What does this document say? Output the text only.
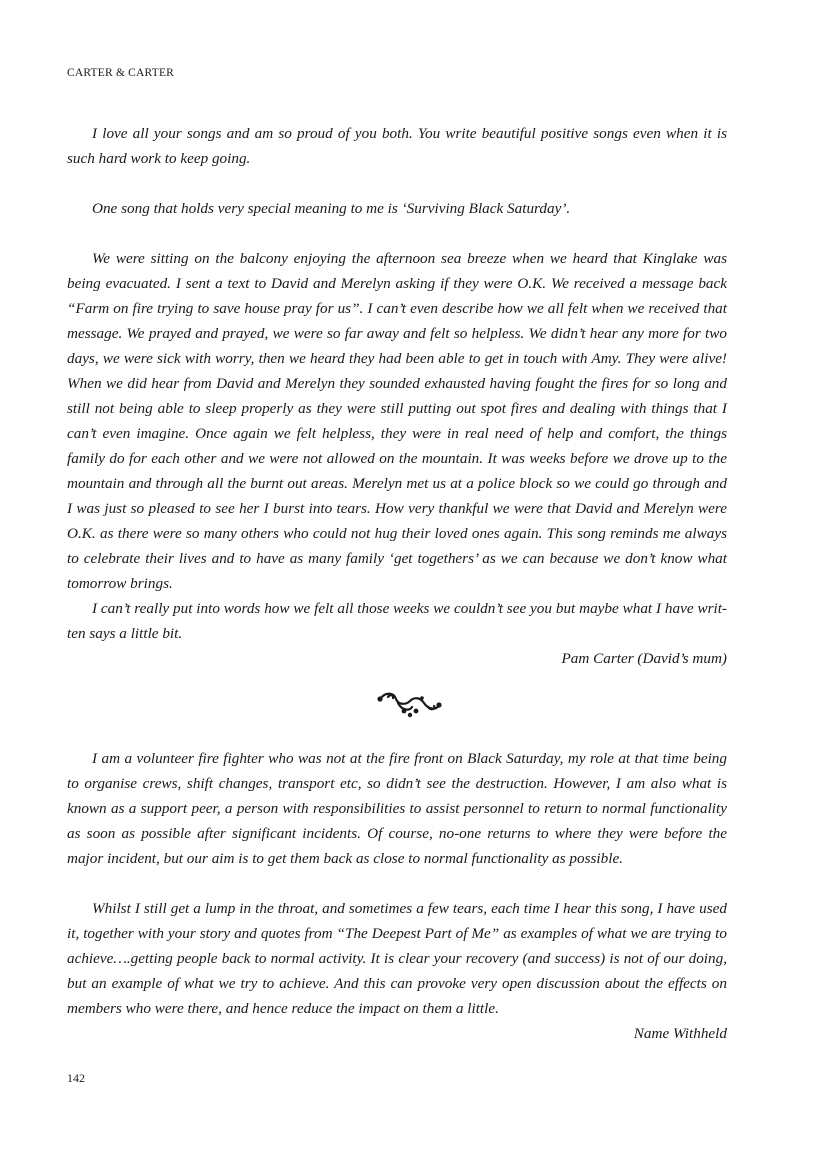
CARTER & CARTER

I love all your songs and am so proud of you both. You write beautiful positive songs even when it is such hard work to keep going.

One song that holds very special meaning to me is ‘Surviving Black Saturday’.

We were sitting on the balcony enjoying the afternoon sea breeze when we heard that Kinglake was being evacuated. I sent a text to David and Merelyn asking if they were O.K. We received a message back “Farm on fire trying to save house pray for us”. I can’t even describe how we all felt when we received that message. We prayed and prayed, we were so far away and felt so helpless. We didn’t hear any more for two days, we were sick with worry, then we heard they had been able to get in touch with Amy. They were alive! When we did hear from David and Merelyn they sounded exhausted having fought the fires for so long and still not being able to sleep properly as they were still putting out spot fires and dealing with things that I can’t even imagine. Once again we felt helpless, they were in real need of help and comfort, the things family do for each other and we were not allowed on the mountain. It was weeks before we drove up to the mountain and through all the burnt out areas. Merelyn met us at a police block so we could go through and I was just so pleased to see her I burst into tears. How very thankful we were that David and Merelyn were O.K. as there were so many others who could not hug their loved ones again. This song reminds me always to celebrate their lives and to have as many family ‘get togethers’ as we can because we don’t know what tomorrow brings.

I can’t really put into words how we felt all those weeks we couldn’t see you but maybe what I have writ-ten says a little bit.

Pam Carter (David’s mum)

I am a volunteer fire fighter who was not at the fire front on Black Saturday, my role at that time being to organise crews, shift changes, transport etc, so didn’t see the destruction. However, I am also what is known as a support peer, a person with responsibilities to assist personnel to return to normal functionality as soon as possible after significant incidents. Of course, no-one returns to where they were before the major incident, but our aim is to get them back as close to normal functionality as possible.

Whilst I still get a lump in the throat, and sometimes a few tears, each time I hear this song, I have used it, together with your story and quotes from “The Deepest Part of Me” as examples of what we are trying to achieve….getting people back to normal activity. It is clear your recovery (and success) is not of our doing, but an example of what we try to achieve. And this can provoke very open discussion about the effects on members who were there, and hence reduce the impact on them a little.

Name Withheld

142
